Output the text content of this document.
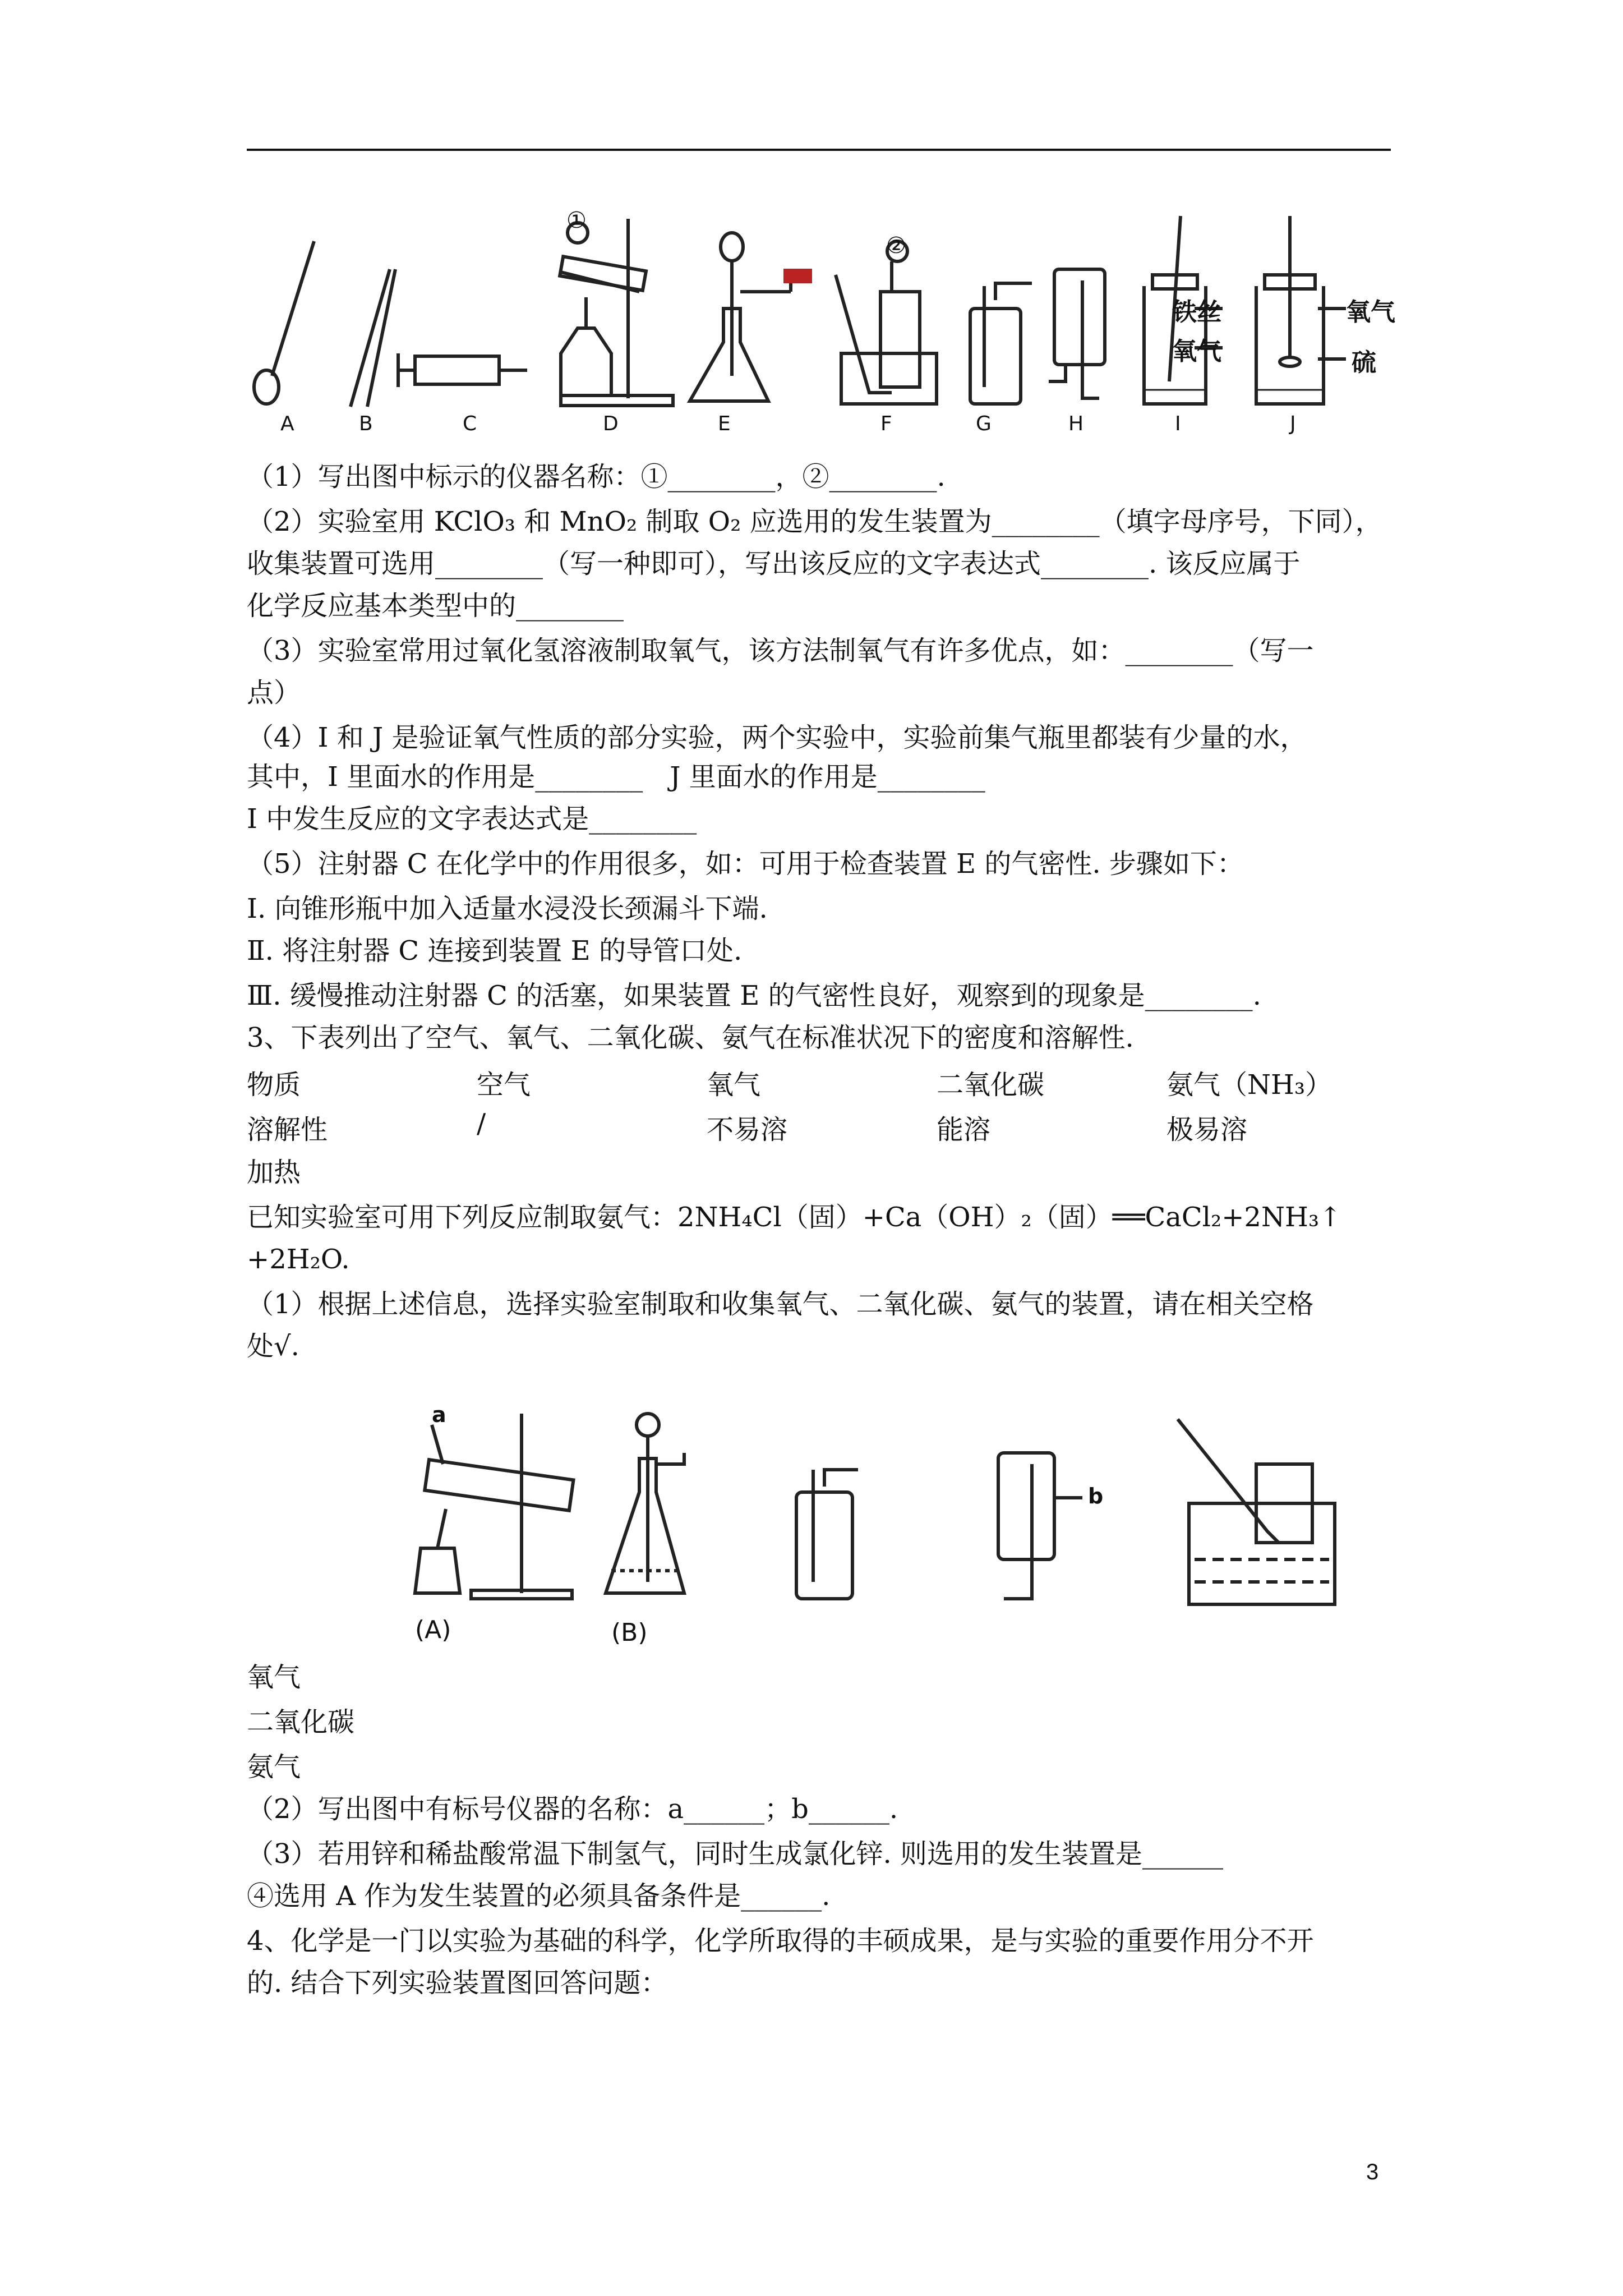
①
②
铁丝
氧气
氧气
硫
A	B	C	D	E	F	G	H	I	J
（1）写出图中标示的仪器名称：①________，②________.
（2）实验室用 KClO₃ 和 MnO₂ 制取 O₂ 应选用的发生装置为________（填字母序号，下同），
收集装置可选用________（写一种即可），写出该反应的文字表达式________. 该反应属于
化学反应基本类型中的________
（3）实验室常用过氧化氢溶液制取氧气，该方法制氧气有许多优点，如：________（写一
点）
（4）I 和 J 是验证氧气性质的部分实验，两个实验中，实验前集气瓶里都装有少量的水，
其中，I 里面水的作用是________　J 里面水的作用是________
I 中发生反应的文字表达式是________
（5）注射器 C 在化学中的作用很多，如：可用于检查装置 E 的气密性. 步骤如下：
Ⅰ. 向锥形瓶中加入适量水浸没长颈漏斗下端.
Ⅱ. 将注射器 C 连接到装置 E 的导管口处.
Ⅲ. 缓慢推动注射器 C 的活塞，如果装置 E 的气密性良好，观察到的现象是________.
3、下表列出了空气、氧气、二氧化碳、氨气在标准状况下的密度和溶解性.
物质	空气	氧气	二氧化碳	氨气（NH₃）
溶解性	/	不易溶	能溶	极易溶
加热
已知实验室可用下列反应制取氨气：2NH₄Cl（固）+Ca（OH）₂（固）══CaCl₂+2NH₃↑
+2H₂O.
（1）根据上述信息，选择实验室制取和收集氧气、二氧化碳、氨气的装置，请在相关空格
处√.
a
b
(A)	(B)
氧气
二氧化碳
氨气
（2）写出图中有标号仪器的名称：a______；b______.
（3）若用锌和稀盐酸常温下制氢气，同时生成氯化锌. 则选用的发生装置是______
④选用 A 作为发生装置的必须具备条件是______.
4、化学是一门以实验为基础的科学，化学所取得的丰硕成果，是与实验的重要作用分不开
的. 结合下列实验装置图回答问题：
3
